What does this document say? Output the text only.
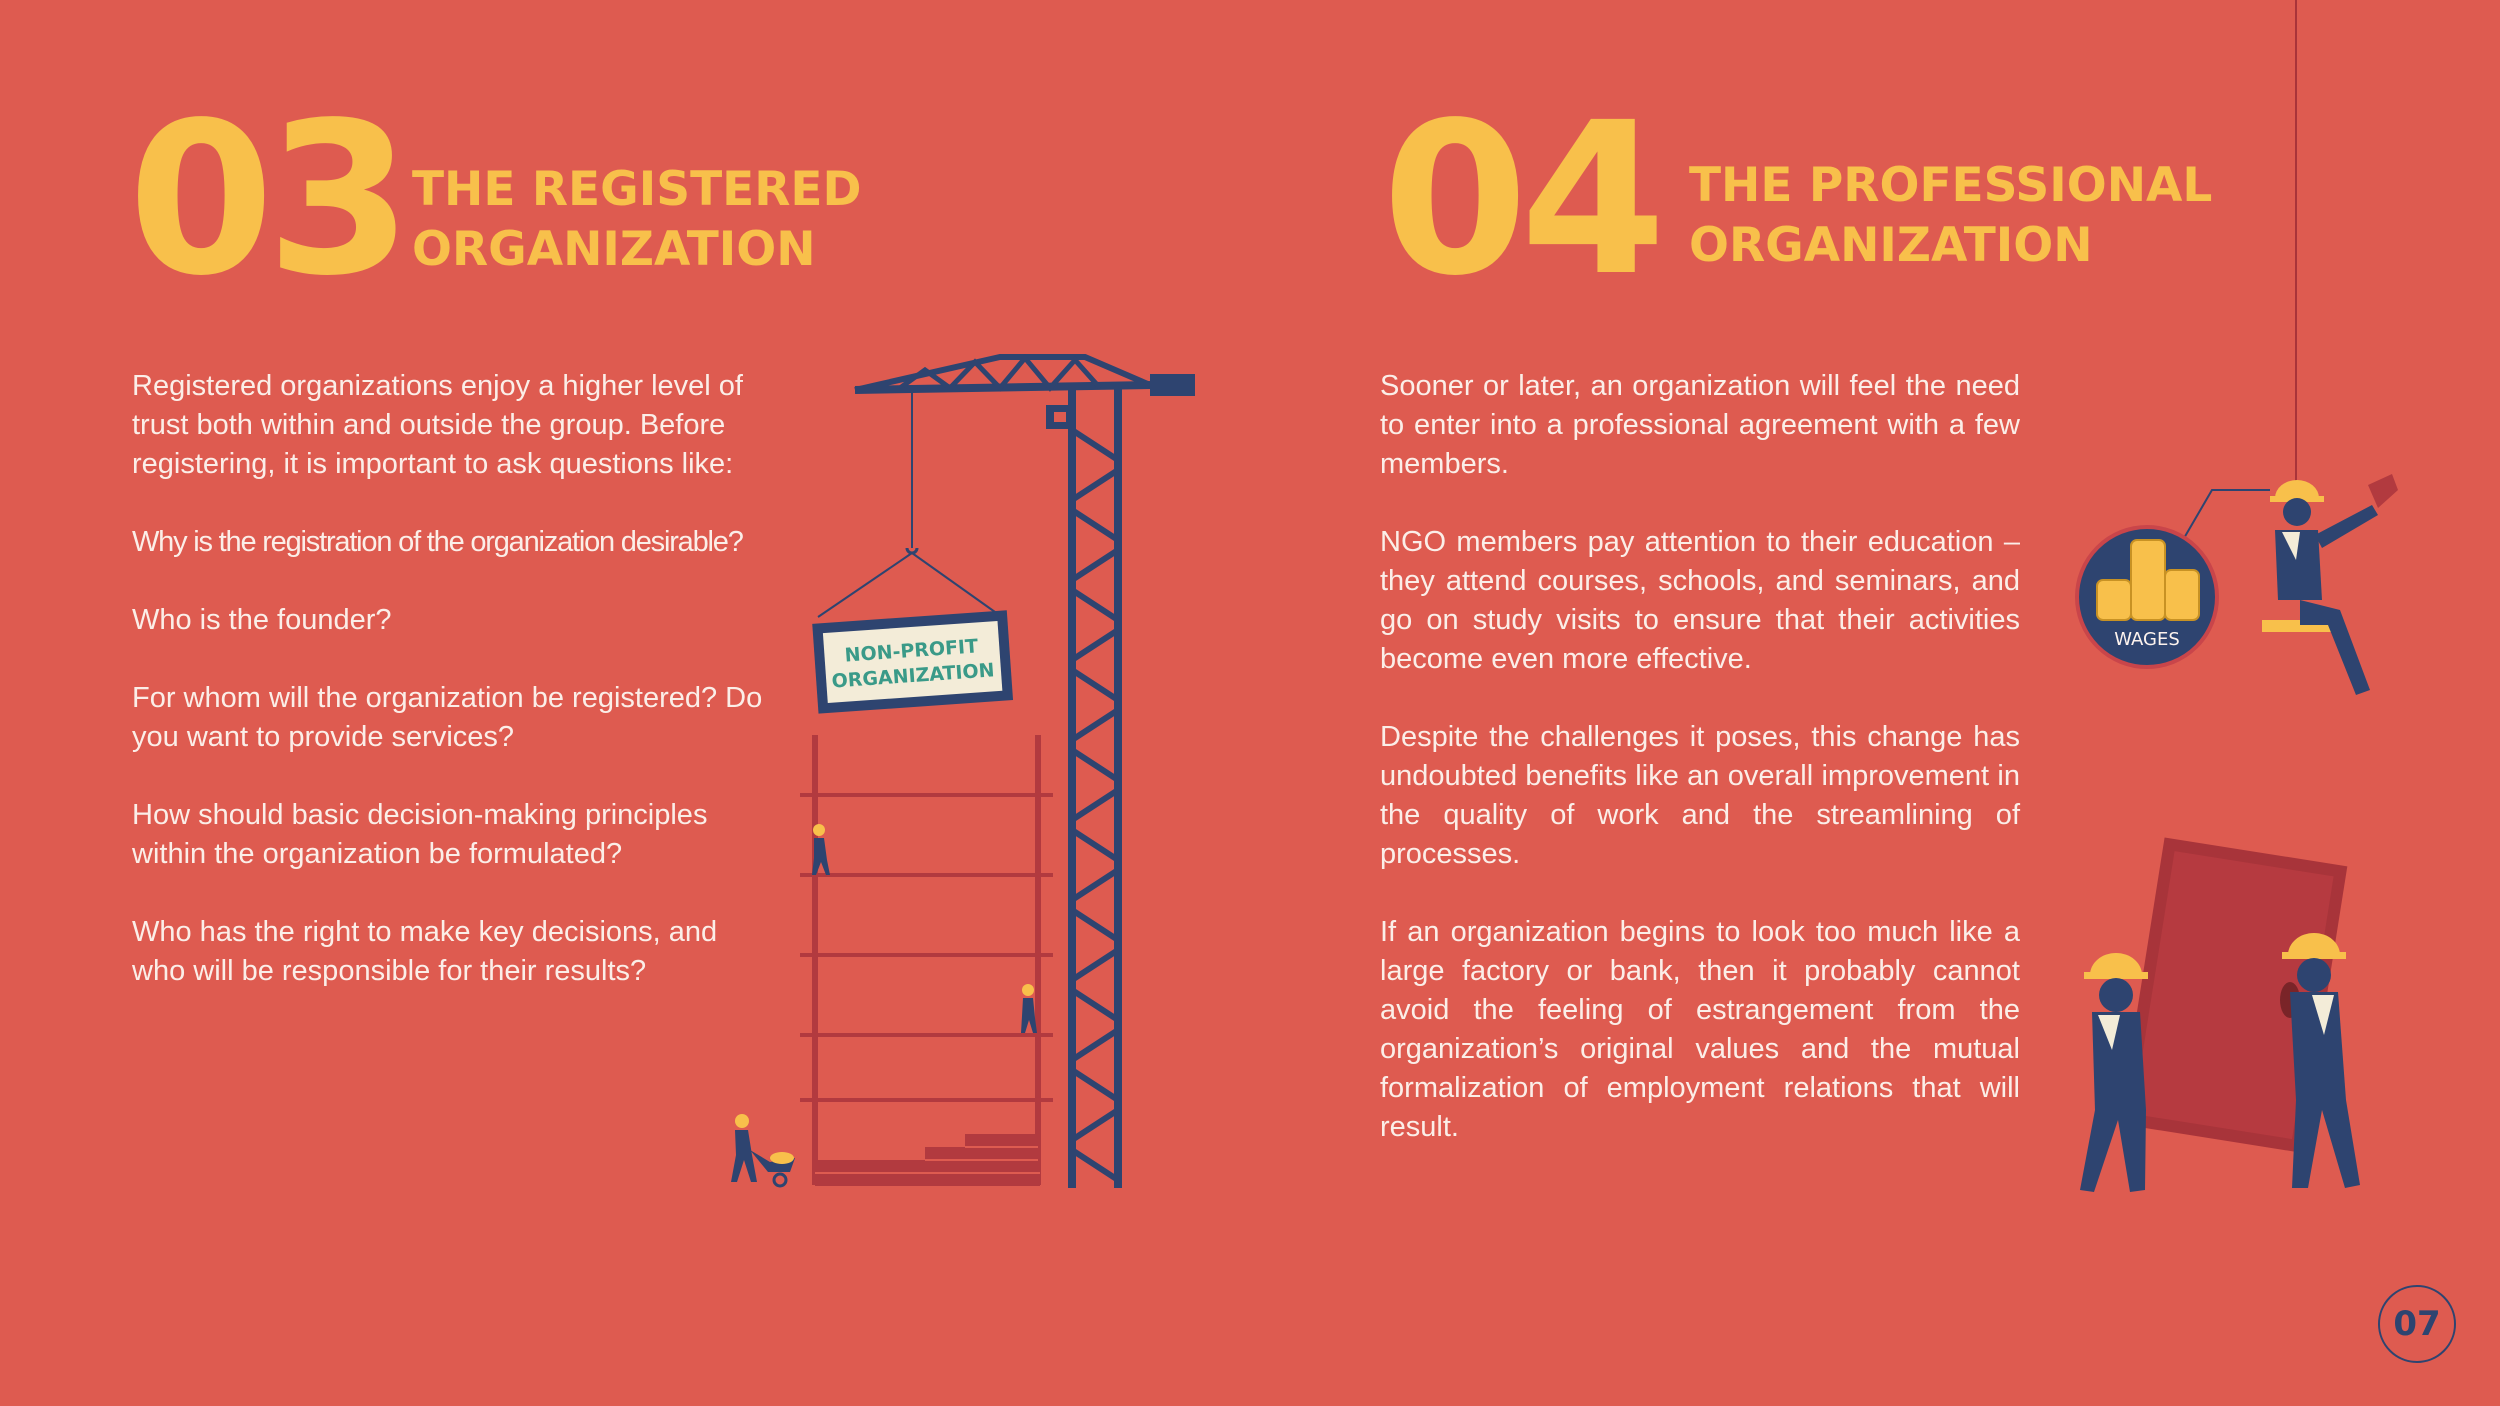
03 THE REGISTERED
ORGANIZATION

Registered organizations enjoy a higher level of trust both within and outside the group. Before registering, it is important to ask questions like:

Why is the registration of the organization desirable?

Who is the founder?

For whom will the organization be registered? Do you want to provide services?

How should basic decision-making principles within the organization be formulated?

Who has the right to make key decisions, and who will be responsible for their results?

NON-PROFIT
ORGANIZATION
04 THE PROFESSIONAL
ORGANIZATION

Sooner or later, an organization will feel the need to enter into a professional agreement with a few members.

NGO members pay attention to their education – they attend courses, schools, and seminars, and go on study visits to ensure that their activities become even more effective.

Despite the challenges it poses, this change has undoubted benefits like an overall improvement in the quality of work and the streamlining of processes.

If an organization begins to look too much like a large factory or bank, then it probably cannot avoid the feeling of estrangement from the organization’s original values and the mutual formalization of employment relations that will result.

WAGES
07
